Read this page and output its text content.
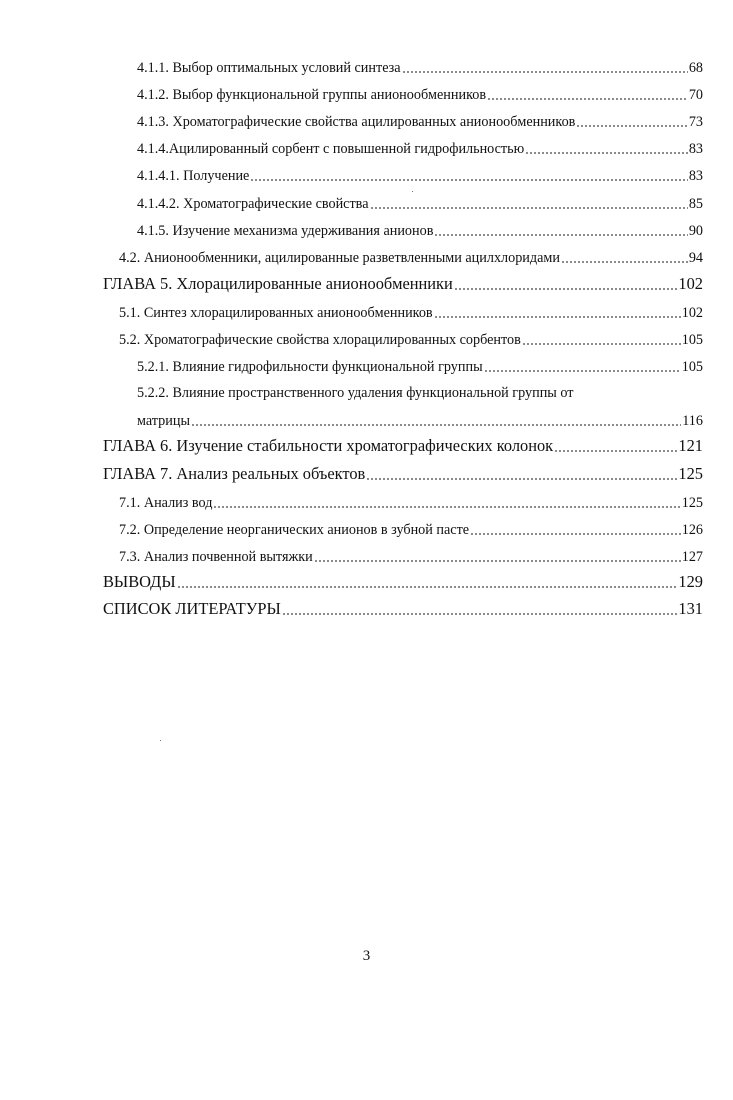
4.1.1. Выбор оптимальных условий синтеза	68
4.1.2. Выбор функциональной группы анионообменников	70
4.1.3. Хроматографические свойства ацилированных анионообменников	73
4.1.4.Ацилированный сорбент с повышенной гидрофильностью	83
4.1.4.1. Получение	83
4.1.4.2. Хроматографические свойства	85
4.1.5. Изучение механизма удерживания анионов	90
4.2. Анионообменники, ацилированные разветвленными ацилхлоридами	94
ГЛАВА 5. Хлорацилированные анионообменники	102
5.1. Синтез хлорацилированных анионообменников	102
5.2. Хроматографические свойства хлорацилированных сорбентов	105
5.2.1. Влияние гидрофильности функциональной группы	105
5.2.2. Влияние пространственного удаления функциональной группы от
матрицы	116
ГЛАВА 6. Изучение стабильности хроматографических колонок	121
ГЛАВА 7. Анализ реальных объектов	125
7.1. Анализ вод	125
7.2. Определение неорганических анионов в зубной пасте	126
7.3. Анализ почвенной вытяжки	127
ВЫВОДЫ	129
СПИСОК ЛИТЕРАТУРЫ	131
3
